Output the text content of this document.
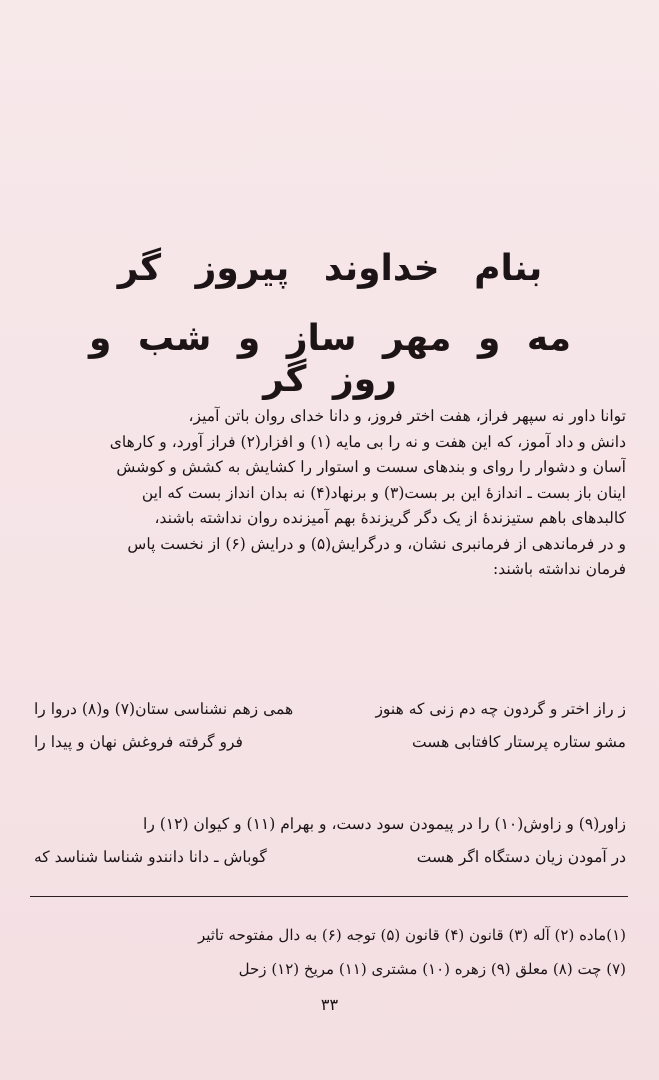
بنام خداوند پیروز گر
مه و مهر ساز و شب و روز گر
توانا داور نه سپهر فراز، هفت اختر فروز، و دانا خدای روان باتن آمیز،
دانش و داد آموز، که این هفت و نه را بی مایه (۱) و افزار(۲) فراز آورد، و کارهای
آسان و دشوار را روای و بندهای سست و استوار را کشایش به کشش و کوشش
اینان باز بست ـ اندازهٔ این بر بست(۳) و برنهاد(۴) نه بدان انداز بست که این
کالبدهای باهم ستیزندهٔ از یک دگر گریزندهٔ بهم آمیزنده روان نداشته باشند،
و در فرماندهی از فرمانبری نشان، و درگرایش(۵) و درایش (۶) از نخست پاس
فرمان نداشته باشند:
ز راز اختر و گردون چه دم زنی که هنوز
همی زهم نشناسی ستان(۷) و(۸) دروا را
مشو ستاره پرستار کافتابی هست
فرو گرفته فروغش نهان و پیدا را
زاور(۹) و زاوش(۱۰) را در پیمودن سود دست، و بهرام (۱۱) و کیوان (۱۲) را
در آمودن زیان دستگاه اگر هست
گوباش ـ دانا دانندو شناسا شناسد که
(۱)ماده (۲) آله (۳) قانون (۴) قانون (۵) توجه (۶) به دال مفتوحه تاثیر
(۷) چت (۸) معلق (۹) زهره (۱۰) مشتری (۱۱) مریخ (۱۲) زحل
۳۳
